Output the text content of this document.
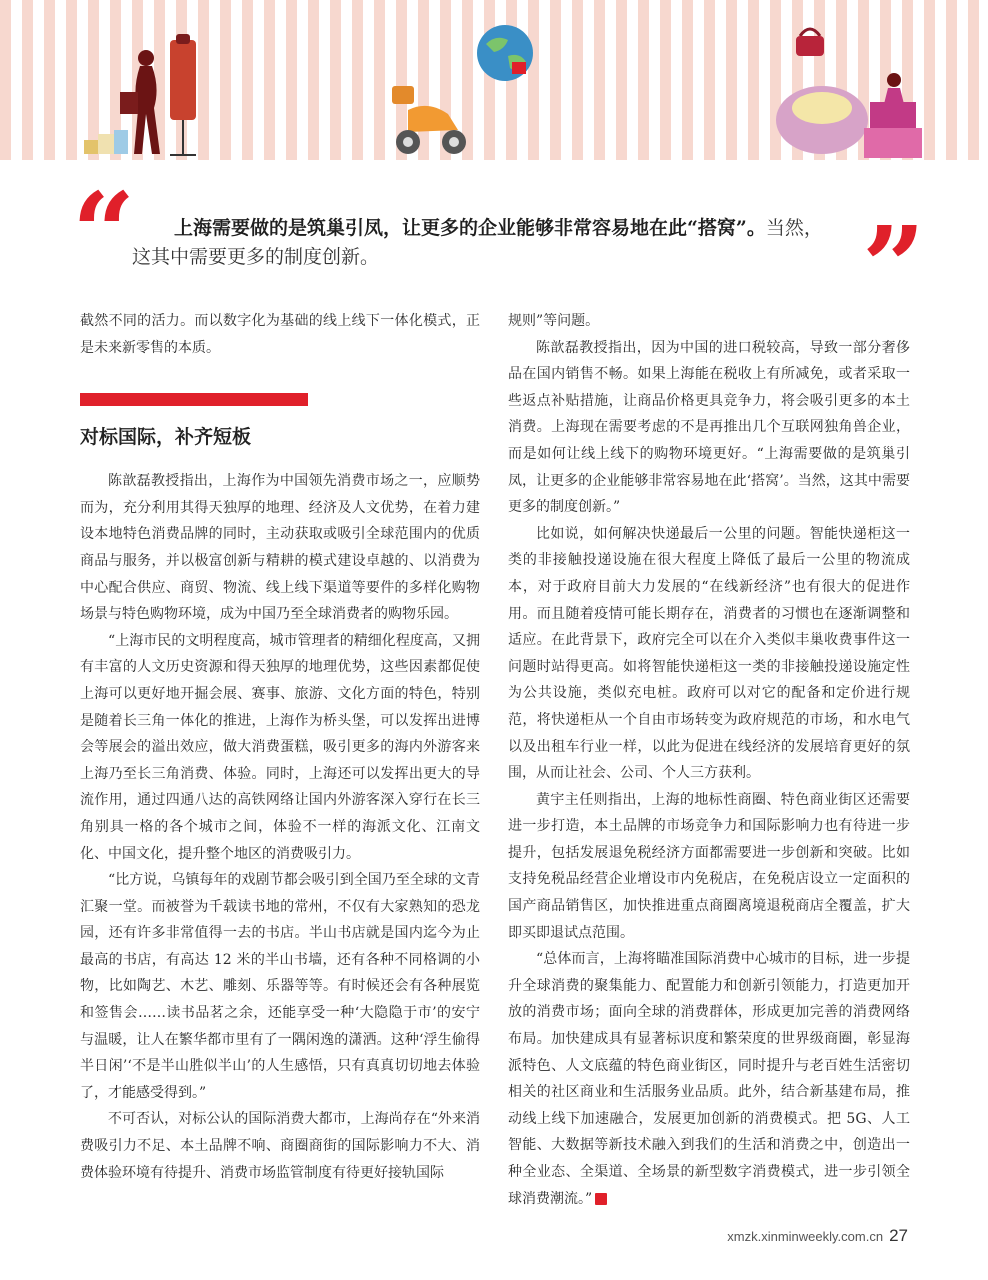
“	上海需要做的是筑巢引凤，让更多的企业能够非常容易地在此“搭窝”。当然，
这其中需要更多的制度创新。	”

截然不同的活力。而以数字化为基础的线上线下一体化模式，正是未来新零售的本质。

对标国际，补齐短板

陈歆磊教授指出，上海作为中国领先消费市场之一，应顺势而为，充分利用其得天独厚的地理、经济及人文优势，在着力建设本地特色消费品牌的同时，主动获取或吸引全球范围内的优质商品与服务，并以极富创新与精耕的模式建设卓越的、以消费为中心配合供应、商贸、物流、线上线下渠道等要件的多样化购物场景与特色购物环境，成为中国乃至全球消费者的购物乐园。

“上海市民的文明程度高，城市管理者的精细化程度高，又拥有丰富的人文历史资源和得天独厚的地理优势，这些因素都促使上海可以更好地开掘会展、赛事、旅游、文化方面的特色，特别是随着长三角一体化的推进，上海作为桥头堡，可以发挥出进博会等展会的溢出效应，做大消费蛋糕，吸引更多的海内外游客来上海乃至长三角消费、体验。同时，上海还可以发挥出更大的导流作用，通过四通八达的高铁网络让国内外游客深入穿行在长三角别具一格的各个城市之间，体验不一样的海派文化、江南文化、中国文化，提升整个地区的消费吸引力。

“比方说，乌镇每年的戏剧节都会吸引到全国乃至全球的文青汇聚一堂。而被誉为千载读书地的常州，不仅有大家熟知的恐龙园，还有许多非常值得一去的书店。半山书店就是国内迄今为止最高的书店，有高达 12 米的半山书墙，还有各种不同格调的小物，比如陶艺、木艺、雕刻、乐器等等。有时候还会有各种展览和签售会……读书品茗之余，还能享受一种‘大隐隐于市’的安宁与温暖，让人在繁华都市里有了一隅闲逸的潇洒。这种‘浮生偷得半日闲’‘不是半山胜似半山’的人生感悟，只有真真切切地去体验了，才能感受得到。”

不可否认，对标公认的国际消费大都市，上海尚存在“外来消费吸引力不足、本土品牌不响、商圈商街的国际影响力不大、消费体验环境有待提升、消费市场监管制度有待更好接轨国际

规则”等问题。

陈歆磊教授指出，因为中国的进口税较高，导致一部分奢侈品在国内销售不畅。如果上海能在税收上有所减免，或者采取一些返点补贴措施，让商品价格更具竞争力，将会吸引更多的本土消费。上海现在需要考虑的不是再推出几个互联网独角兽企业，而是如何让线上线下的购物环境更好。“上海需要做的是筑巢引凤，让更多的企业能够非常容易地在此‘搭窝’。当然，这其中需要更多的制度创新。”

比如说，如何解决快递最后一公里的问题。智能快递柜这一类的非接触投递设施在很大程度上降低了最后一公里的物流成本，对于政府目前大力发展的“在线新经济”也有很大的促进作用。而且随着疫情可能长期存在，消费者的习惯也在逐渐调整和适应。在此背景下，政府完全可以在介入类似丰巢收费事件这一问题时站得更高。如将智能快递柜这一类的非接触投递设施定性为公共设施，类似充电桩。政府可以对它的配备和定价进行规范，将快递柜从一个自由市场转变为政府规范的市场，和水电气以及出租车行业一样，以此为促进在线经济的发展培育更好的氛围，从而让社会、公司、个人三方获利。

黄宇主任则指出，上海的地标性商圈、特色商业街区还需要进一步打造，本土品牌的市场竞争力和国际影响力也有待进一步提升，包括发展退免税经济方面都需要进一步创新和突破。比如支持免税品经营企业增设市内免税店，在免税店设立一定面积的国产商品销售区，加快推进重点商圈离境退税商店全覆盖，扩大即买即退试点范围。

“总体而言，上海将瞄准国际消费中心城市的目标，进一步提升全球消费的聚集能力、配置能力和创新引领能力，打造更加开放的消费市场；面向全球的消费群体，形成更加完善的消费网络布局。加快建成具有显著标识度和繁荣度的世界级商圈，彰显海派特色、人文底蕴的特色商业街区，同时提升与老百姓生活密切相关的社区商业和生活服务业品质。此外，结合新基建布局，推动线上线下加速融合，发展更加创新的消费模式。把 5G、人工智能、大数据等新技术融入到我们的生活和消费之中，创造出一种全业态、全渠道、全场景的新型数字消费模式，进一步引领全球消费潮流。”	民

xmzk.xinminweekly.com.cn 27
